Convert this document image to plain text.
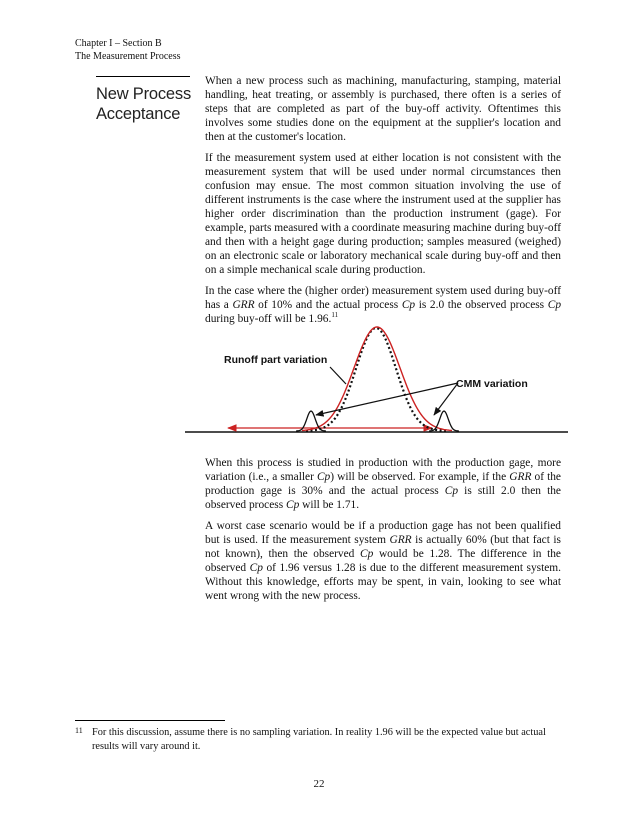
Chapter I – Section B
The Measurement Process
New Process
Acceptance

When a new process such as machining, manufacturing, stamping, material handling, heat treating, or assembly is purchased, there often is a series of steps that are completed as part of the buy-off activity. Oftentimes this involves some studies done on the equipment at the supplier's location and then at the customer's location.

If the measurement system used at either location is not consistent with the measurement system that will be used under normal circumstances then confusion may ensue. The most common situation involving the use of different instruments is the case where the instrument used at the supplier has higher order discrimination than the production instrument (gage). For example, parts measured with a coordinate measuring machine during buy-off and then with a height gage during production; samples measured (weighed) on an electronic scale or laboratory mechanical scale during buy-off and then on a simple mechanical scale during production.

In the case where the (higher order) measurement system used during buy-off has a GRR of 10% and the actual process Cp is 2.0 the observed process Cp during buy-off will be 1.96.11

Runoff part variation
CMM variation

When this process is studied in production with the production gage, more variation (i.e., a smaller Cp) will be observed. For example, if the GRR of the production gage is 30% and the actual process Cp is still 2.0 then the observed process Cp will be 1.71.

A worst case scenario would be if a production gage has not been qualified but is used. If the measurement system GRR is actually 60% (but that fact is not known), then the observed Cp would be 1.28. The difference in the observed Cp of 1.96 versus 1.28 is due to the different measurement system. Without this knowledge, efforts may be spent, in vain, looking to see what went wrong with the new process.

11 For this discussion, assume there is no sampling variation. In reality 1.96 will be the expected value but actual results will vary around it.
22
